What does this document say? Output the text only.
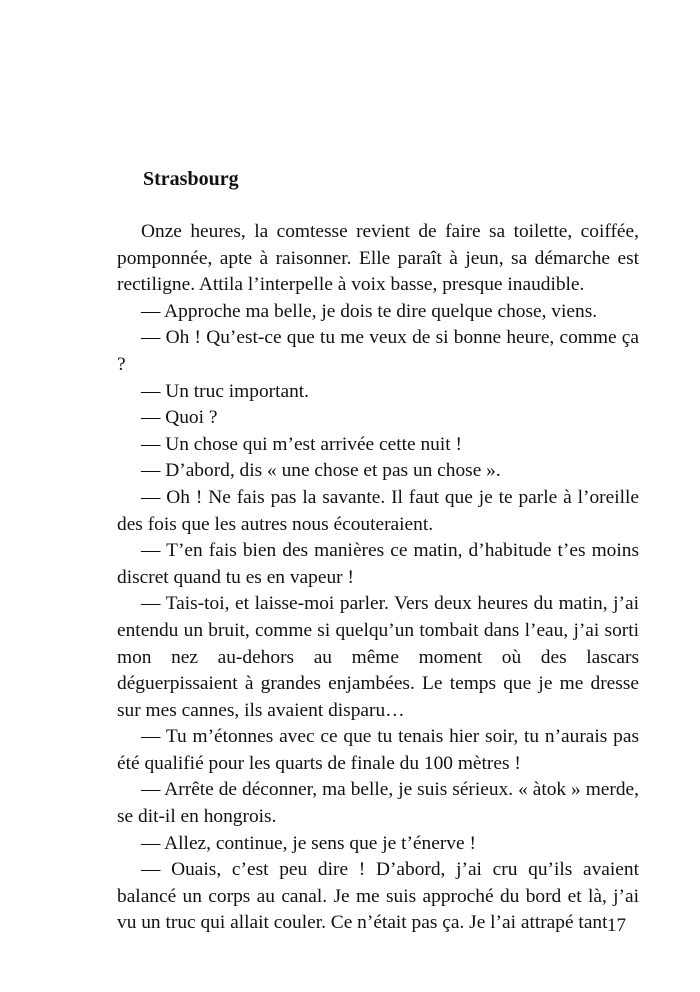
Strasbourg

Onze heures, la comtesse revient de faire sa toilette, coiffée, pomponnée, apte à raisonner. Elle paraît à jeun, sa démarche est rectiligne. Attila l’interpelle à voix basse, presque inaudible.

— Approche ma belle, je dois te dire quelque chose, viens.

— Oh ! Qu’est-ce que tu me veux de si bonne heure, comme ça ?

— Un truc important.

— Quoi ?

— Un chose qui m’est arrivée cette nuit !

— D’abord, dis « une chose et pas un chose ».

— Oh ! Ne fais pas la savante. Il faut que je te parle à l’oreille des fois que les autres nous écouteraient.

— T’en fais bien des manières ce matin, d’habitude t’es moins discret quand tu es en vapeur !

— Tais-toi, et laisse-moi parler. Vers deux heures du matin, j’ai entendu un bruit, comme si quelqu’un tombait dans l’eau, j’ai sorti mon nez au-dehors au même moment où des lascars déguerpissaient à grandes enjambées. Le temps que je me dresse sur mes cannes, ils avaient disparu…

— Tu m’étonnes avec ce que tu tenais hier soir, tu n’aurais pas été qualifié pour les quarts de finale du 100 mètres !

— Arrête de déconner, ma belle, je suis sérieux. « àtok » merde, se dit-il en hongrois.

— Allez, continue, je sens que je t’énerve !

— Ouais, c’est peu dire ! D’abord, j’ai cru qu’ils avaient balancé un corps au canal. Je me suis approché du bord et là, j’ai vu un truc qui allait couler. Ce n’était pas ça. Je l’ai attrapé tant 17
